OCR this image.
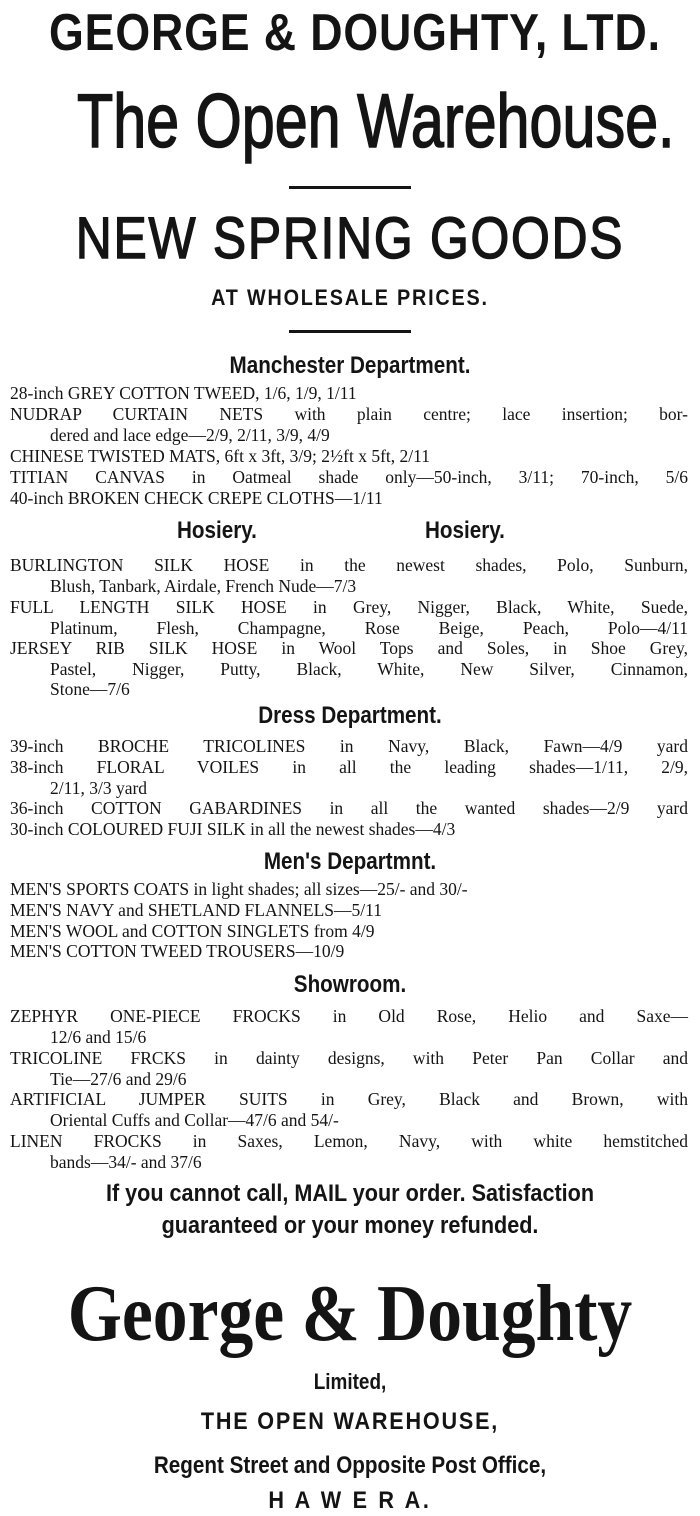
GEORGE & DOUGHTY, LTD.
The Open Warehouse.
NEW SPRING GOODS
AT WHOLESALE PRICES.
Manchester Department.
28-inch GREY COTTON TWEED, 1/6, 1/9, 1/11
NUDRAP CURTAIN NETS with plain centre; lace insertion; bor-
dered and lace edge—2/9, 2/11, 3/9, 4/9
CHINESE TWISTED MATS, 6ft x 3ft, 3/9; 2½ft x 5ft, 2/11
TITIAN CANVAS in Oatmeal shade only—50-inch, 3/11; 70-inch, 5/6
40-inch BROKEN CHECK CREPE CLOTHS—1/11
Hosiery.	Hosiery.
BURLINGTON SILK HOSE in the newest shades, Polo, Sunburn,
Blush, Tanbark, Airdale, French Nude—7/3
FULL LENGTH SILK HOSE in Grey, Nigger, Black, White, Suede,
Platinum, Flesh, Champagne, Rose Beige, Peach, Polo—4/11
JERSEY RIB SILK HOSE in Wool Tops and Soles, in Shoe Grey,
Pastel, Nigger, Putty, Black, White, New Silver, Cinnamon,
Stone—7/6
Dress Department.
39-inch BROCHE TRICOLINES in Navy, Black, Fawn—4/9 yard
38-inch FLORAL VOILES in all the leading shades—1/11, 2/9,
2/11, 3/3 yard
36-inch COTTON GABARDINES in all the wanted shades—2/9 yard
30-inch COLOURED FUJI SILK in all the newest shades—4/3
Men's Departmnt.
MEN'S SPORTS COATS in light shades; all sizes—25/- and 30/-
MEN'S NAVY and SHETLAND FLANNELS—5/11
MEN'S WOOL and COTTON SINGLETS from 4/9
MEN'S COTTON TWEED TROUSERS—10/9
Showroom.
ZEPHYR ONE-PIECE FROCKS in Old Rose, Helio and Saxe—
12/6 and 15/6
TRICOLINE FRCKS in dainty designs, with Peter Pan Collar and
Tie—27/6 and 29/6
ARTIFICIAL JUMPER SUITS in Grey, Black and Brown, with
Oriental Cuffs and Collar—47/6 and 54/-
LINEN FROCKS in Saxes, Lemon, Navy, with white hemstitched
bands—34/- and 37/6
If you cannot call, MAIL your order. Satisfaction
guaranteed or your money refunded.
George & Doughty
Limited,
THE OPEN WAREHOUSE,
Regent Street and Opposite Post Office,
H A W E R A.
